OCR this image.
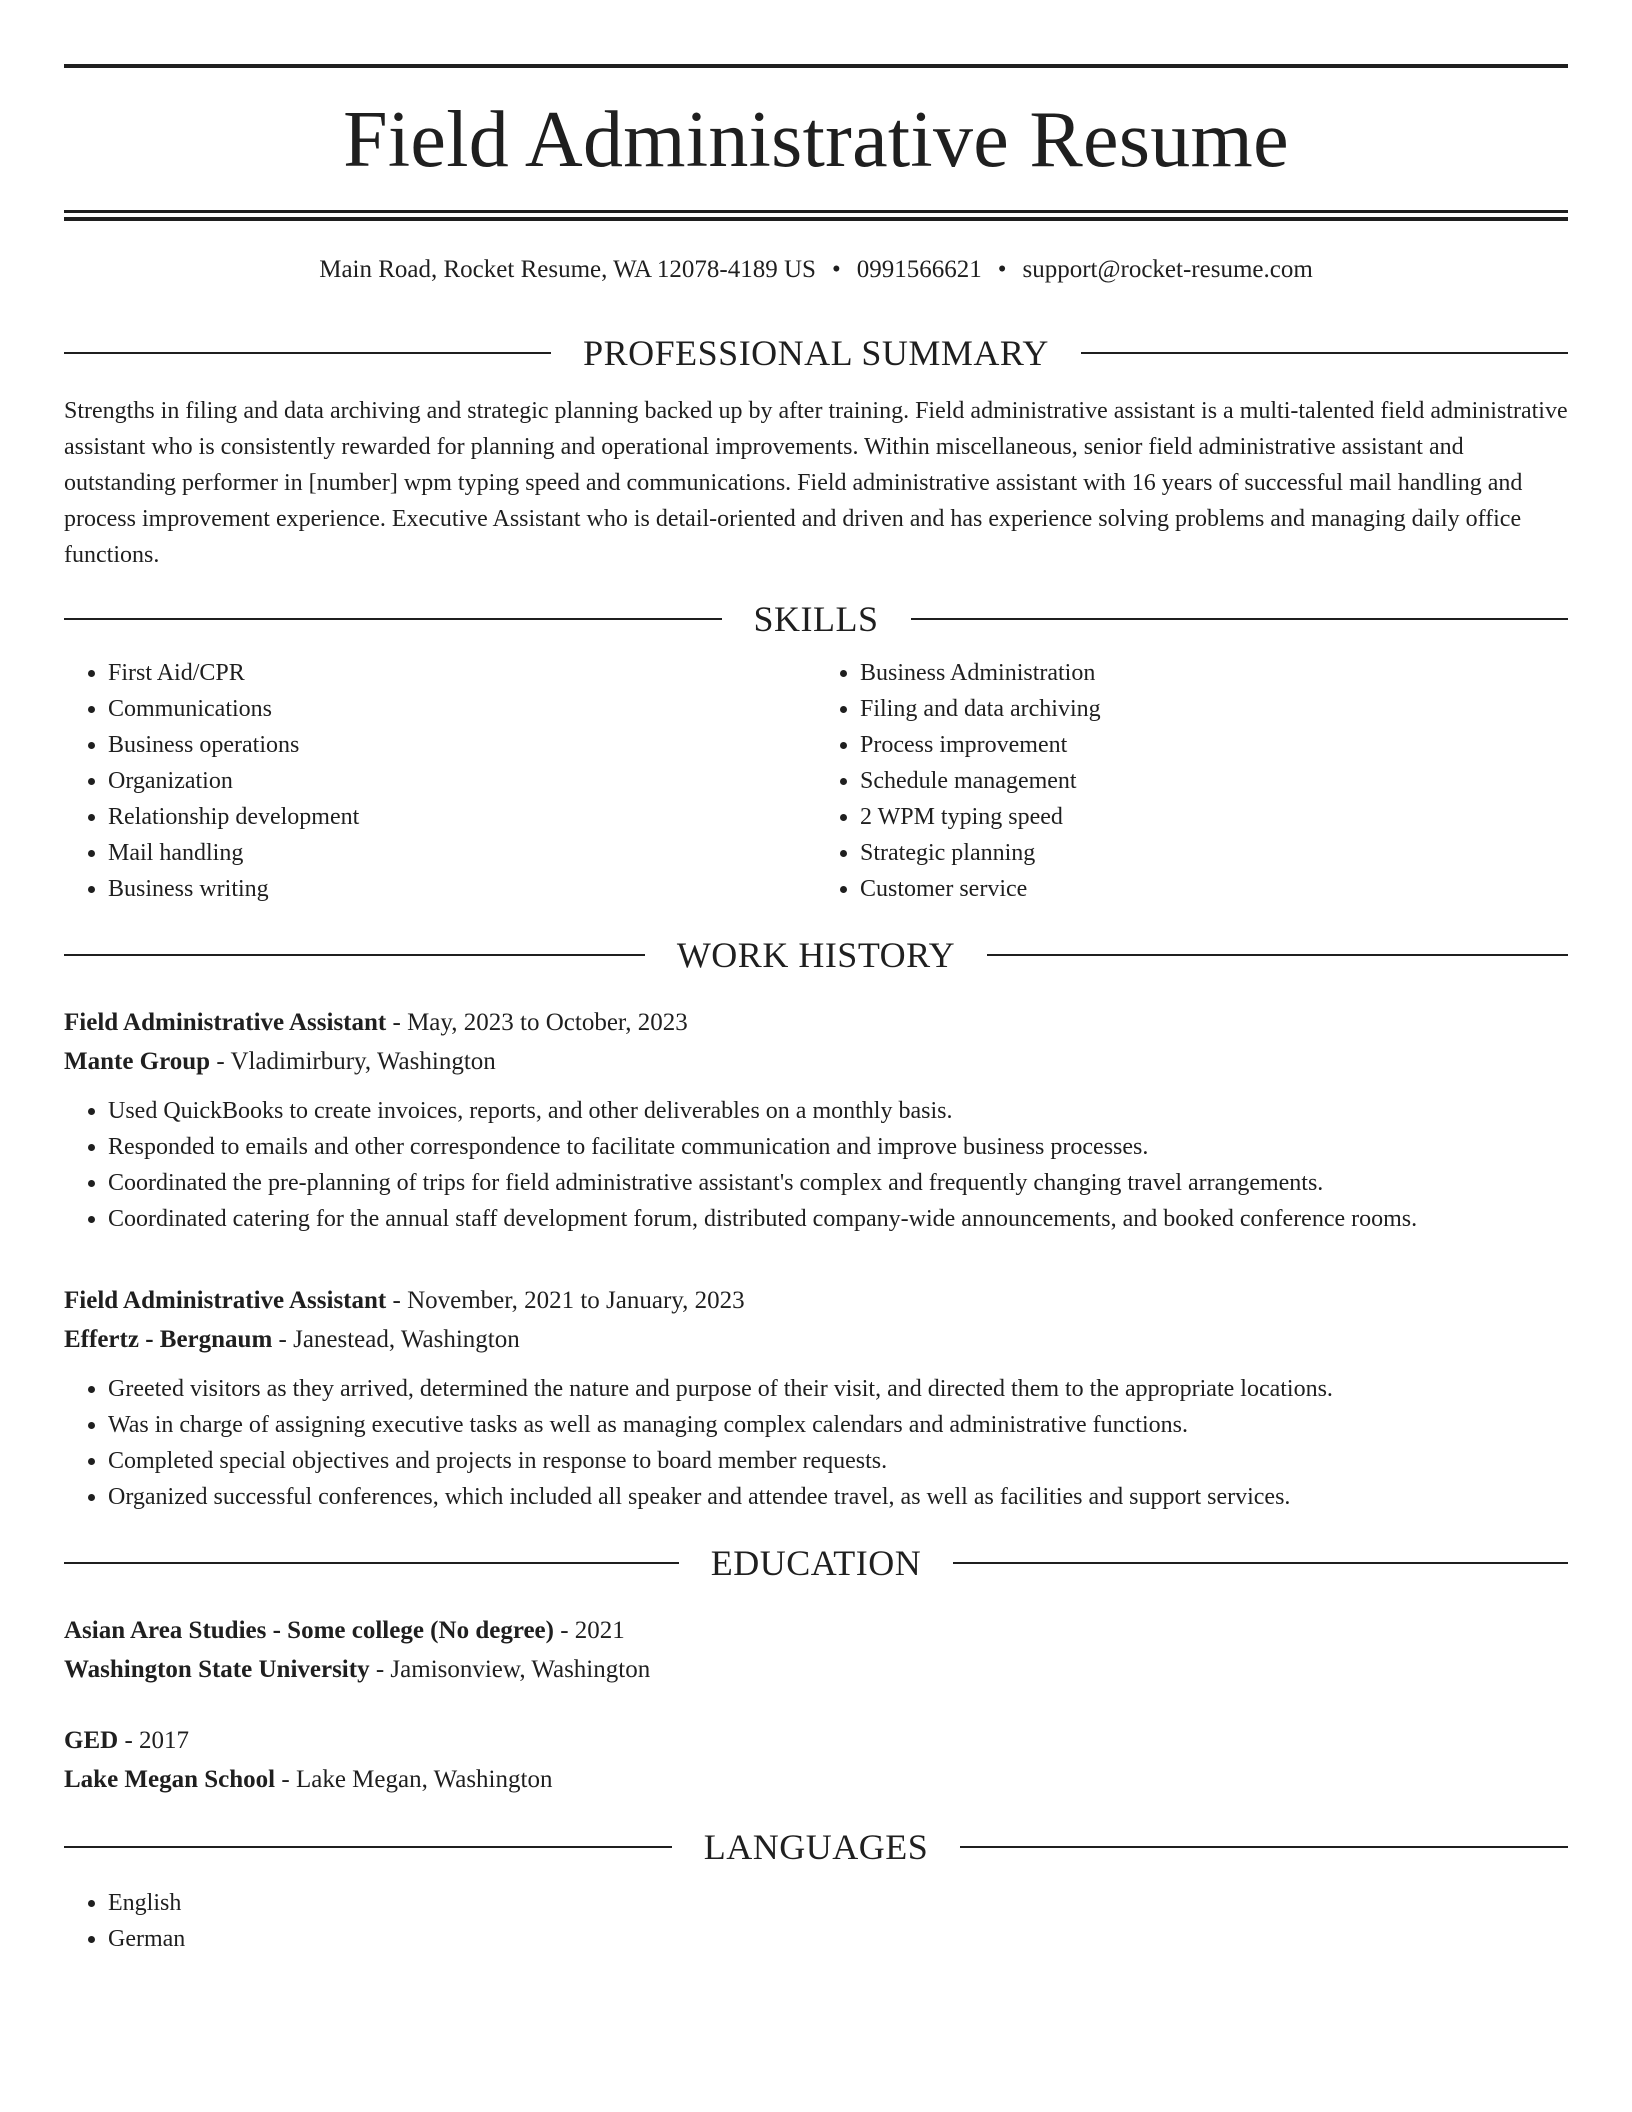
Field Administrative Resume
Main Road, Rocket Resume, WA 12078-4189 US • 0991566621 • support@rocket-resume.com
PROFESSIONAL SUMMARY

Strengths in filing and data archiving and strategic planning backed up by after training. Field administrative assistant is a multi-talented field administrative assistant who is consistently rewarded for planning and operational improvements. Within miscellaneous, senior field administrative assistant and outstanding performer in [number] wpm typing speed and communications. Field administrative assistant with 16 years of successful mail handling and process improvement experience. Executive Assistant who is detail-oriented and driven and has experience solving problems and managing daily office functions.

SKILLS
• First Aid/CPR
• Communications
• Business operations
• Organization
• Relationship development
• Mail handling
• Business writing
• Business Administration
• Filing and data archiving
• Process improvement
• Schedule management
• 2 WPM typing speed
• Strategic planning
• Customer service
WORK HISTORY
Field Administrative Assistant - May, 2023 to October, 2023
Mante Group - Vladimirbury, Washington
• Used QuickBooks to create invoices, reports, and other deliverables on a monthly basis.
• Responded to emails and other correspondence to facilitate communication and improve business processes.
• Coordinated the pre-planning of trips for field administrative assistant's complex and frequently changing travel arrangements.
• Coordinated catering for the annual staff development forum, distributed company-wide announcements, and booked conference rooms.
Field Administrative Assistant - November, 2021 to January, 2023
Effertz - Bergnaum - Janestead, Washington
• Greeted visitors as they arrived, determined the nature and purpose of their visit, and directed them to the appropriate locations.
• Was in charge of assigning executive tasks as well as managing complex calendars and administrative functions.
• Completed special objectives and projects in response to board member requests.
• Organized successful conferences, which included all speaker and attendee travel, as well as facilities and support services.
EDUCATION
Asian Area Studies - Some college (No degree) - 2021
Washington State University - Jamisonview, Washington
GED - 2017
Lake Megan School - Lake Megan, Washington
LANGUAGES
• English
• German
